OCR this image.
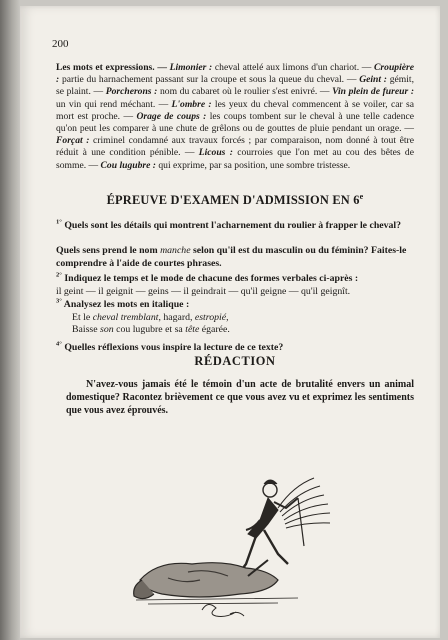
200
Les mots et expressions. — Limonier : cheval attelé aux limons d'un chariot. — Croupière : partie du harnachement passant sur la croupe et sous la queue du cheval. — Geint : gémit, se plaint. — Porcherons : nom du cabaret où le roulier s'est enivré. — Vin plein de fureur : un vin qui rend méchant. — L'ombre : les yeux du cheval commencent à se voiler, car sa mort est proche. — Orage de coups : les coups tombent sur le cheval à une telle cadence qu'on peut les comparer à une chute de grêlons ou de gouttes de pluie pendant un orage. — Forçat : criminel condamné aux travaux forcés ; par comparaison, nom donné à tout être réduit à une condition pénible. — Licous : courroies que l'on met au cou des bêtes de somme. — Cou lugubre : qui exprime, par sa position, une sombre tristesse.
ÉPREUVE D'EXAMEN D'ADMISSION EN 6e
$^{1^\circ}$ Quels sont les détails qui montrent l'acharnement du roulier à frapper le cheval?
Quels sens prend le nom manche selon qu'il est du masculin ou du féminin? Faites-le comprendre à l'aide de courtes phrases.
$^{2^\circ}$ Indiquez le temps et le mode de chacune des formes verbales ci-après :
il geint — il geignit — geins — il geindrait — qu'il geigne — qu'il geignît.
$^{3^\circ}$ Analysez les mots en italique :
Et le cheval tremblant, hagard, estropié,
Baisse son cou lugubre et sa tête égarée.
$^{4^\circ}$ Quelles réflexions vous inspire la lecture de ce texte?
RÉDACTION
N'avez-vous jamais été le témoin d'un acte de brutalité envers un animal domestique? Racontez brièvement ce que vous avez vu et exprimez les sentiments que vous avez éprouvés.
